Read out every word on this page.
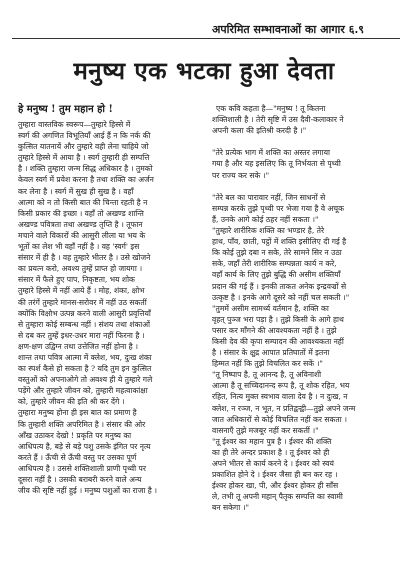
अपरिमित सम्भावनाओं का आगार ६.९
मनुष्य एक भटका हुआ देवता
हे मनुष्य ! तुम महान हो !
तुम्हारा वास्तविक स्वरूप—तुम्हारे हिस्से में
स्वर्ग की अगणित विभूतियाँ आई हैं न कि नर्क की
कुत्सित यातनायें और तुम्हारे वही लेना चाहिये जो
तुम्हारे हिस्से में आया है । स्वर्ग तुम्हारी ही सम्पत्ति
है । शक्ति तुम्हारा जन्म सिद्ध अधिकार है । तुमको
केवल स्वर्ग में प्रवेश करना है तथा शक्ति का अर्जन
कर लेना है । स्वर्ग में सुख ही सुख है । वहाँ
आत्मा को न तो किसी बात की चिन्ता रहती है न
किसी प्रकार की इच्छा । वहाँ तो अखण्ड शान्ति
अखण्ड पवित्रता तथा अखण्ड तृप्ति है । तूफान
मचाने वाले विकारों की आसुरी लीला या भय के
भूतों का लेश भी वहाँ नहीं है । वह 'स्वर्ग' इस
संसार में ही है । वह तुम्हारे भीतर है । उसे खोजने
का प्रयत्न करो, अवश्य तुम्हें प्राप्त हो जायगा ।
संसार में फैले हुए पाप, निकृष्टता, भय शोक
तुम्हारे हिस्से में नहीं आये हैं । मोह, शंका, क्षोभ
की तरंगें तुम्हारे मानस-सरोवर में नहीं उठ सकतीं
क्योंकि विक्षोभ उत्पन्न करने वाली आसुरी प्रवृत्तियाँ
से तुम्हारा कोई सम्बन्ध नहीं । संशय तथा शंकाओं
से दब कर तुम्हें इधर-उधर मारा नहीं फिरना है ।
क्षण-क्षण उद्विग्न तथा उत्तेजित नहीं होना है ।
शान्त तथा पवित्र आत्मा में क्लेश, भय, दुःख शंका
का स्पर्श कैसे हो सकता है ? यदि तुम इन कुत्सित
वस्तुओं को अपनाओगे तो अवश्य ही ये तुम्हारे गले
पड़ेंगे और तुम्हारे जीवन को, तुम्हारी महत्वाकांक्षा
को, तुम्हारे जीवन की इति श्री कर देंगे ।
तुम्हारा मनुष्य होना ही इस बात का प्रमाण है
कि तुम्हारी शक्ति अपरिमित है । संसार की ओर
आँख उठाकर देखो ! प्रकृति पर मनुष्य का
आधिपत्य है, बड़े से बड़े पशु उसके इंगित पर नृत्य
करते हैं । ऊँची से ऊँची वस्तु पर उसका पूर्ण
आधिपत्य है । उससे शक्तिशाली प्राणी पृथ्वी पर
दूसरा नहीं है । उसकी बराबरी करने वाले अन्य
जीव की सृष्टि नहीं हुई । मनुष्य पशुओं का राजा है ।
एक कवि कहता है—"मनुष्य ! तू कितना
शक्तिशाली है । तेरी सृष्टि में उस दैवी-कलाकार ने
अपनी कला की इतिश्री करदी है ।"
"तेरे प्रत्येक भाग में शक्ति का अस्तर लगाया
गया है और यह इसलिए कि तू निर्भयता से पृथ्वी
पर राज्य कर सके ।"
"तेरे बल का पारावार नहीं, जिन साधनों से
सम्पन्न करके तुझे पृथ्वी पर भेजा गया है वे अचूक
हैं, उनके आगे कोई ठहर नहीं सकता ।"
"तुम्हारे शारीरिक शक्ति का भण्डार है, तेरे
हाथ, पाँव, छाती, पट्ठों में शक्ति इसीलिए दी गई है
कि कोई तुझे दबा न सके, तेरे सामने सिर न उठा
सके, जहाँ तेरी शारीरिक सम्पन्नता कार्य न करे,
वहाँ कार्य के लिए तुझे बुद्धि की असीम शक्तियाँ
प्रदान की गई हैं । इनकी ताकत अनेक इन्द्रवज्रों से
उत्कृष्ट है । इनके आगे दूसरे को नहीं चल सकती ।"
"तुममें असीम सामर्थ्य वर्तमान है, शक्ति का
वृहत् पुञ्ज भरा पड़ा है । तुझे किसी के आगे हाथ
पसार कर माँगने की आवश्यकता नहीं है । तुझे
किसी देव की कृपा सम्पादन की आवश्यकता नहीं
है । संसार के क्षुद्र आपात प्रतिघातों में इतना
हिम्मत नहीं कि तुझे विचलित कर सकें ।"
"तू निष्पाप है, तू आनन्द है, तू अविनाशी
आत्मा है तू सच्चिदानन्द रूप है, तू शोक रहित, भय
रहित, नित्य मुक्त स्वभाव वाला देव है । न दुःख, न
क्लेश, न रञ्ज, न भूत, न प्रतिद्वन्द्वी—तुझे अपने जन्म
जात अधिकारों से कोई विचलित नहीं कर सकता ।
वासनाएँ तुझे मजबूर नहीं कर सकतीं ।"
"तू ईश्वर का महान पुत्र है । ईश्वर की शक्ति
का ही तेरे अन्दर प्रकाश है । तू ईश्वर को ही
अपने भीतर से कार्य करने दे । ईश्वर को स्वयं
प्रकाशित होने दे । ईश्वर जैसा ही बन कर रह ।
ईश्वर होकर खा, पी, और ईश्वर होकर ही साँस
ले, तभी तू अपनी महान् पैतृक सम्पत्ति का स्वामी
बन सकेगा ।"
